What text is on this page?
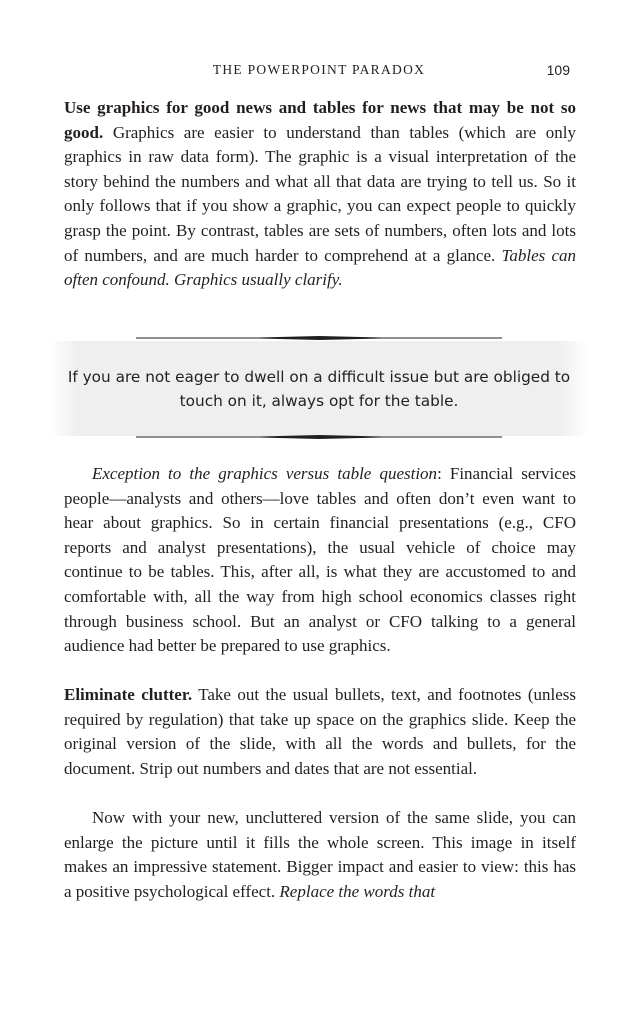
THE POWERPOINT PARADOX	109

Use graphics for good news and tables for news that may be not so good. Graphics are easier to understand than tables (which are only graphics in raw data form). The graphic is a visual interpretation of the story behind the numbers and what all that data are trying to tell us. So it only follows that if you show a graphic, you can expect people to quickly grasp the point. By contrast, tables are sets of numbers, often lots and lots of numbers, and are much harder to comprehend at a glance. Tables can often confound. Graphics usually clarify.

If you are not eager to dwell on a difficult issue but are obliged to touch on it, always opt for the table.

Exception to the graphics versus table question: Financial services people—analysts and others—love tables and often don’t even want to hear about graphics. So in certain financial presentations (e.g., CFO reports and analyst presentations), the usual vehicle of choice may continue to be tables. This, after all, is what they are accustomed to and comfortable with, all the way from high school economics classes right through business school. But an analyst or CFO talking to a general audience had better be prepared to use graphics.

Eliminate clutter. Take out the usual bullets, text, and footnotes (unless required by regulation) that take up space on the graphics slide. Keep the original version of the slide, with all the words and bullets, for the document. Strip out numbers and dates that are not essential.

Now with your new, uncluttered version of the same slide, you can enlarge the picture until it fills the whole screen. This image in itself makes an impressive statement. Bigger impact and easier to view: this has a positive psychological effect. Replace the words that
